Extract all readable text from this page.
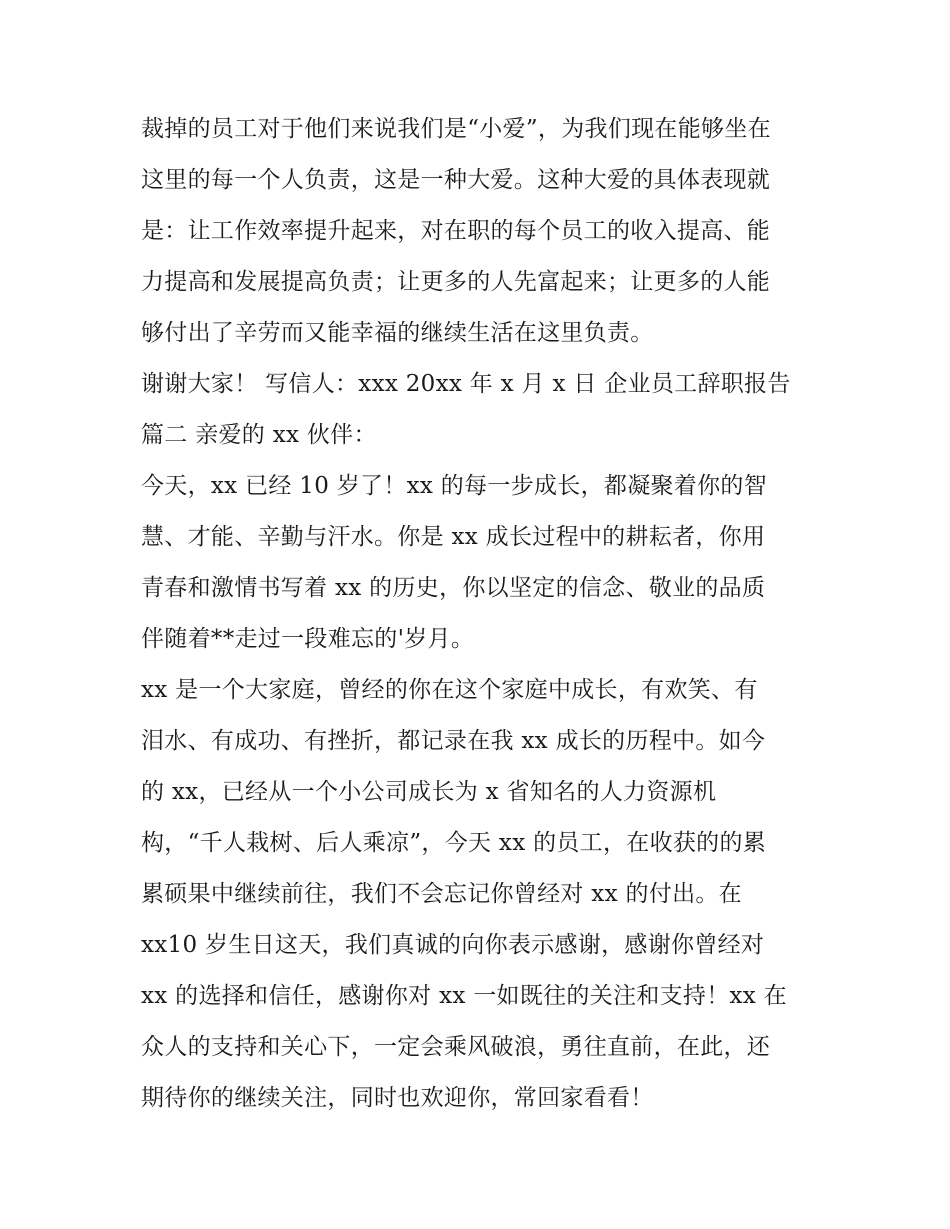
裁掉的员工对于他们来说我们是“小爱”，为我们现在能够坐在
这里的每一个人负责，这是一种大爱。这种大爱的具体表现就
是：让工作效率提升起来，对在职的每个员工的收入提高、能
力提高和发展提高负责；让更多的人先富起来；让更多的人能
够付出了辛劳而又能幸福的继续生活在这里负责。
谢谢大家！ 写信人：xxx 20xx 年 x 月 x 日 企业员工辞职报告
篇二 亲爱的 xx 伙伴：
今天，xx 已经 10 岁了！xx 的每一步成长，都凝聚着你的智
慧、才能、辛勤与汗水。你是 xx 成长过程中的耕耘者，你用
青春和激情书写着 xx 的历史，你以坚定的信念、敬业的品质
伴随着**走过一段难忘的'岁月。
xx 是一个大家庭，曾经的你在这个家庭中成长，有欢笑、有
泪水、有成功、有挫折，都记录在我 xx 成长的历程中。如今
的 xx，已经从一个小公司成长为 x 省知名的人力资源机
构，“千人栽树、后人乘凉”，今天 xx 的员工，在收获的的累
累硕果中继续前往，我们不会忘记你曾经对 xx 的付出。在
xx10 岁生日这天，我们真诚的向你表示感谢，感谢你曾经对
xx 的选择和信任，感谢你对 xx 一如既往的关注和支持！xx 在
众人的支持和关心下，一定会乘风破浪，勇往直前，在此，还
期待你的继续关注，同时也欢迎你，常回家看看！
